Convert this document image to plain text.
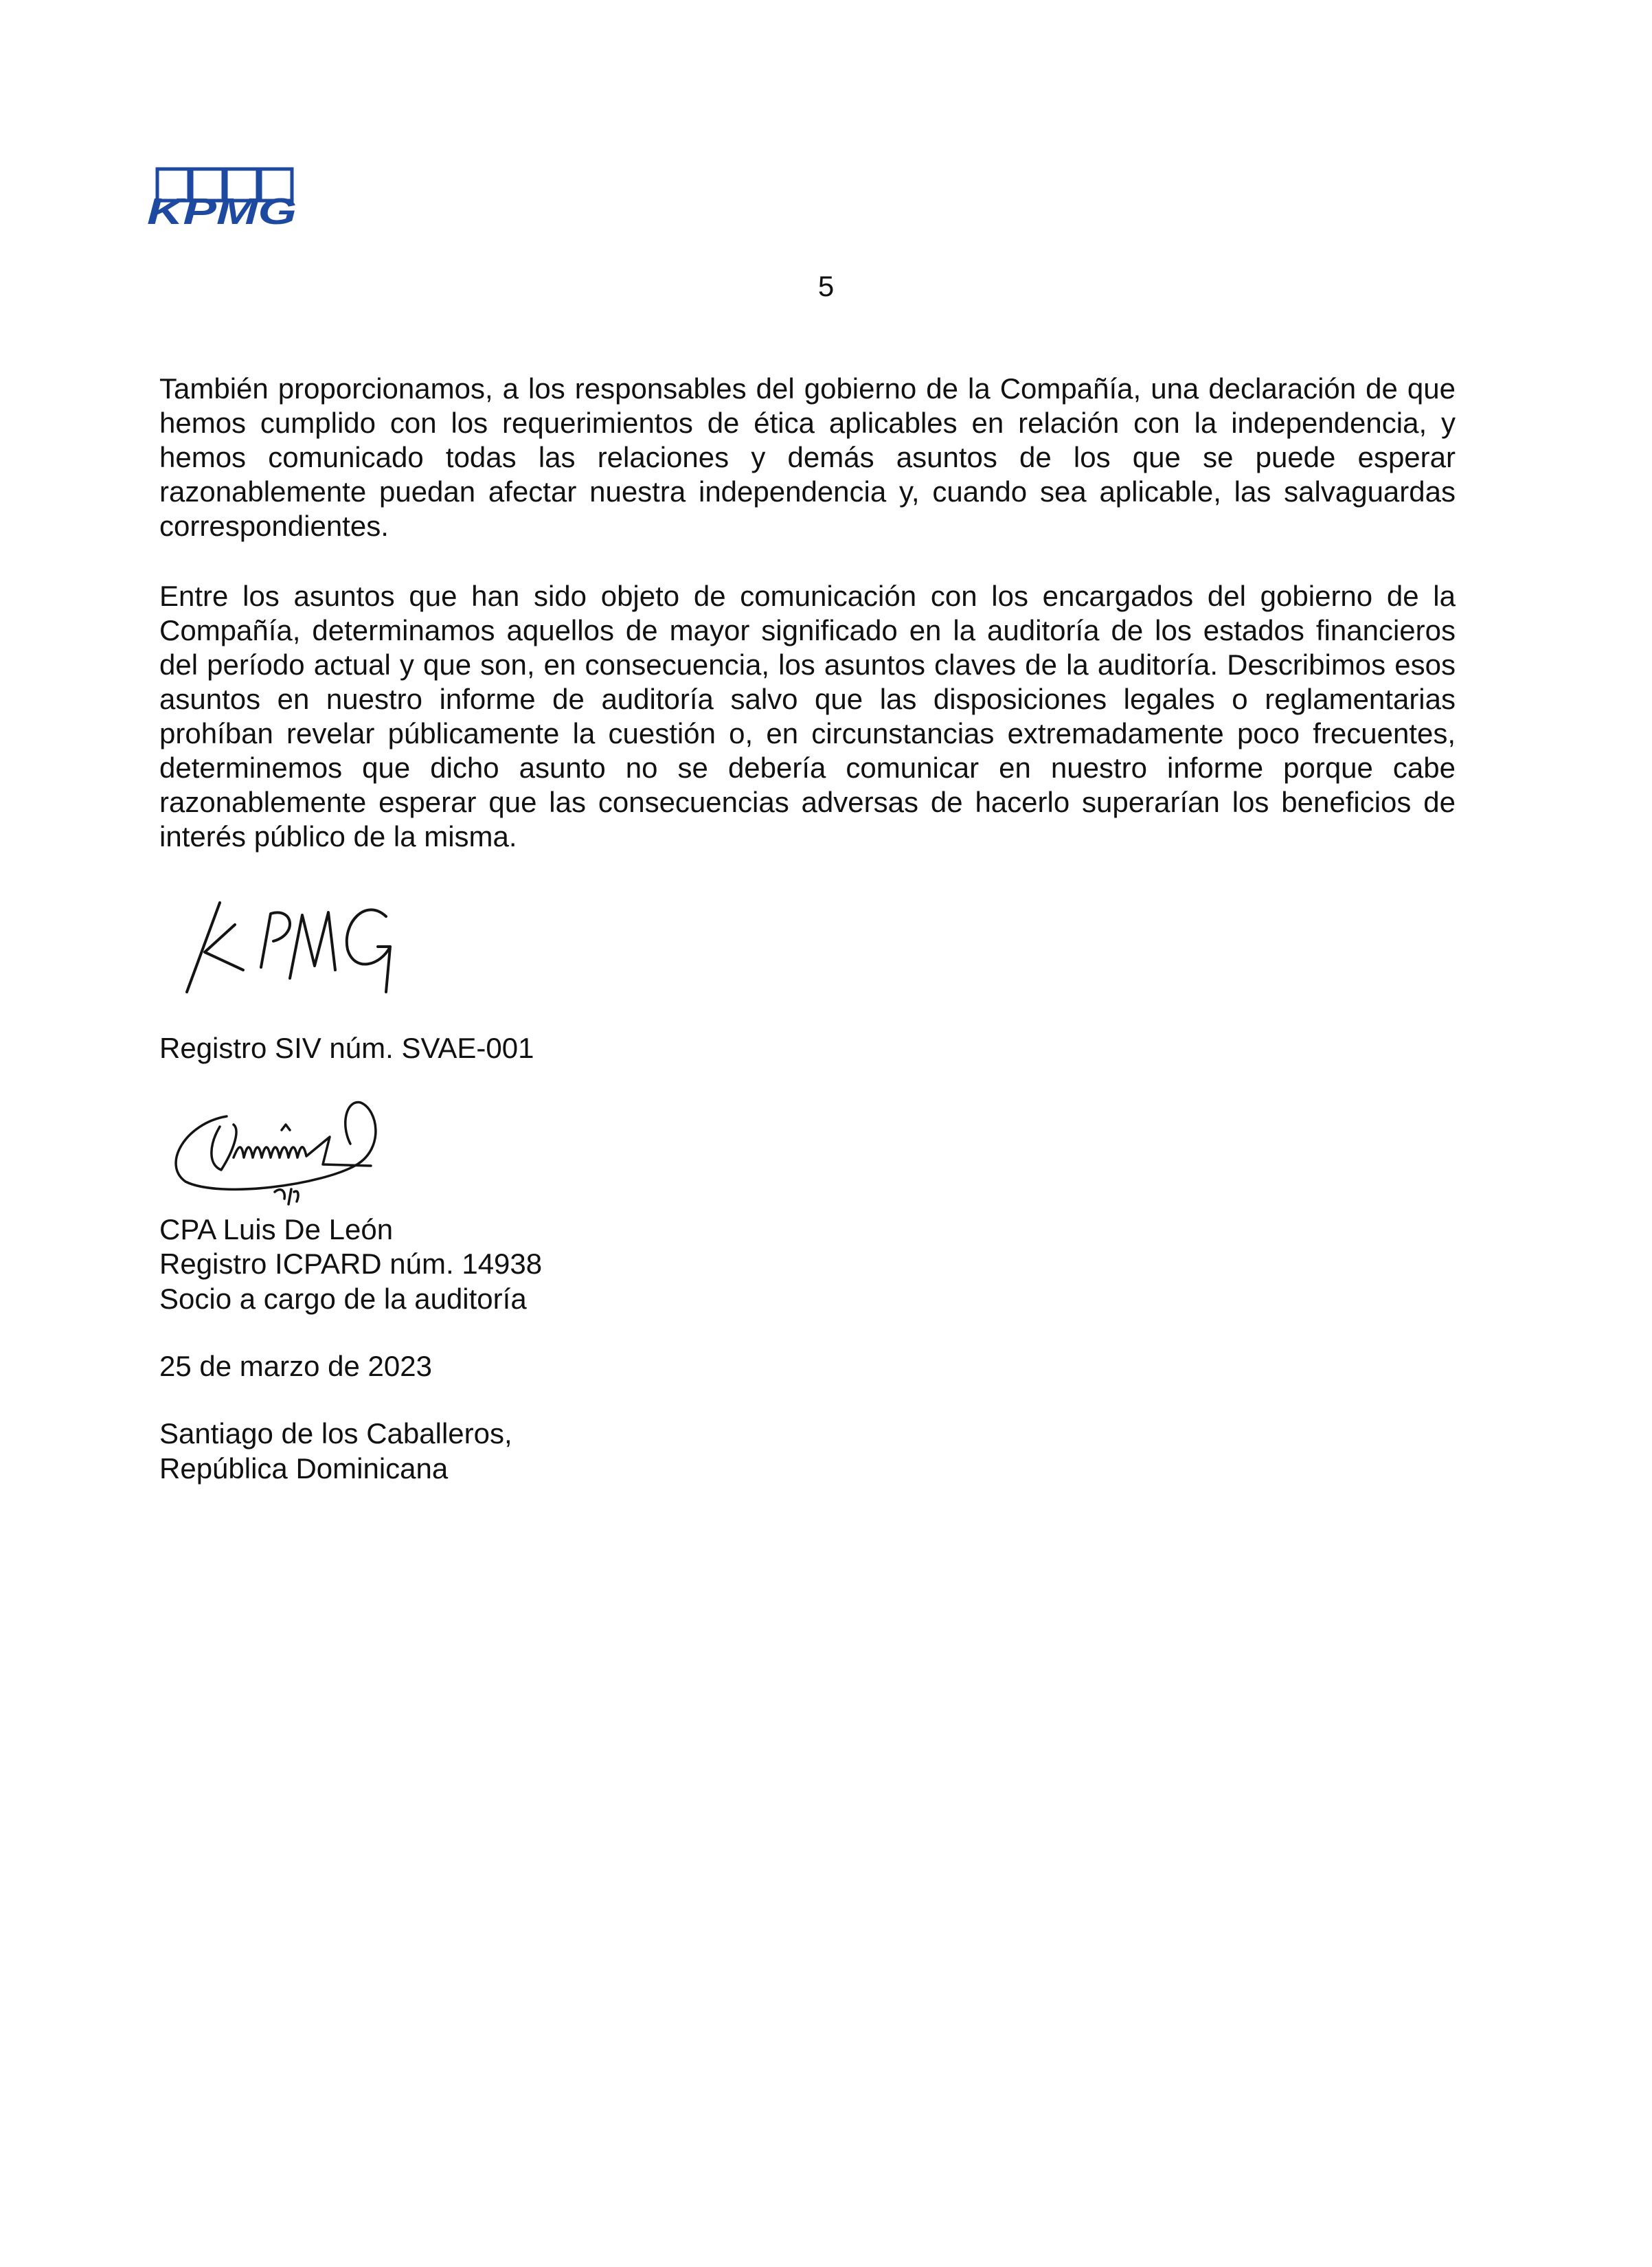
KPMG
5

También proporcionamos, a los responsables del gobierno de la Compañía, una declaración de que hemos cumplido con los requerimientos de ética aplicables en relación con la independencia, y hemos comunicado todas las relaciones y demás asuntos de los que se puede esperar razonablemente puedan afectar nuestra independencia y, cuando sea aplicable, las salvaguardas correspondientes.

Entre los asuntos que han sido objeto de comunicación con los encargados del gobierno de la Compañía, determinamos aquellos de mayor significado en la auditoría de los estados financieros del período actual y que son, en consecuencia, los asuntos claves de la auditoría. Describimos esos asuntos en nuestro informe de auditoría salvo que las disposiciones legales o reglamentarias prohíban revelar públicamente la cuestión o, en circunstancias extremadamente poco frecuentes, determinemos que dicho asunto no se debería comunicar en nuestro informe porque cabe razonablemente esperar que las consecuencias adversas de hacerlo superarían los beneficios de interés público de la misma.

Registro SIV núm. SVAE-001
CPA Luis De León
Registro ICPARD núm. 14938
Socio a cargo de la auditoría
25 de marzo de 2023
Santiago de los Caballeros,
República Dominicana
